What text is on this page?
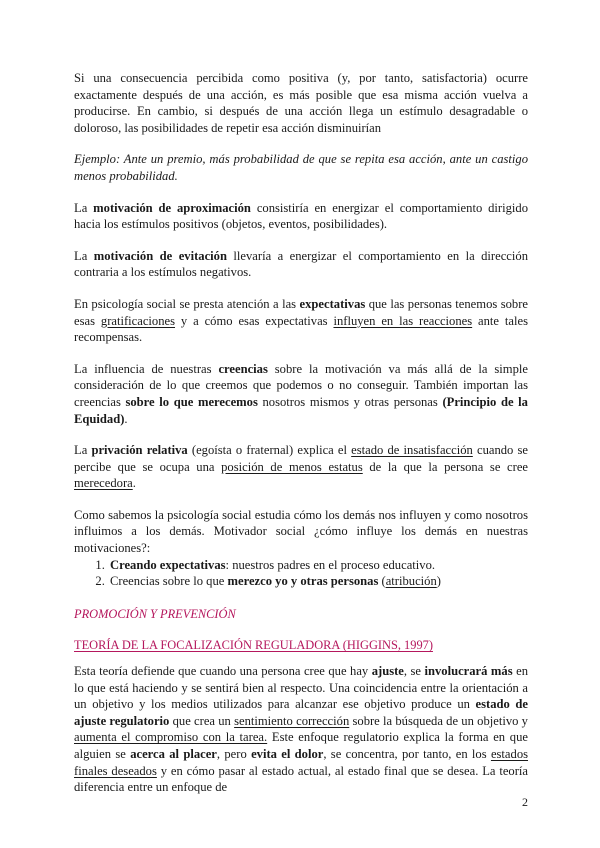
Si una consecuencia percibida como positiva (y, por tanto, satisfactoria) ocurre exactamente después de una acción, es más posible que esa misma acción vuelva a producirse. En cambio, si después de una acción llega un estímulo desagradable o doloroso, las posibilidades de repetir esa acción disminuirían

Ejemplo: Ante un premio, más probabilidad de que se repita esa acción, ante un castigo menos probabilidad.

La motivación de aproximación consistiría en energizar el comportamiento dirigido hacia los estímulos positivos (objetos, eventos, posibilidades).

La motivación de evitación llevaría a energizar el comportamiento en la dirección contraria a los estímulos negativos.

En psicología social se presta atención a las expectativas que las personas tenemos sobre esas gratificaciones y a cómo esas expectativas influyen en las reacciones ante tales recompensas.

La influencia de nuestras creencias sobre la motivación va más allá de la simple consideración de lo que creemos que podemos o no conseguir. También importan las creencias sobre lo que merecemos nosotros mismos y otras personas (Principio de la Equidad).

La privación relativa (egoísta o fraternal) explica el estado de insatisfacción cuando se percibe que se ocupa una posición de menos estatus de la que la persona se cree merecedora.

Como sabemos la psicología social estudia cómo los demás nos influyen y como nosotros influimos a los demás. Motivador social ¿cómo influye los demás en nuestras motivaciones?:

1. Creando expectativas: nuestros padres en el proceso educativo.
2. Creencias sobre lo que merezco yo y otras personas (atribución)

PROMOCIÓN Y PREVENCIÓN

TEORÍA DE LA FOCALIZACIÓN REGULADORA (HIGGINS, 1997)

Esta teoría defiende que cuando una persona cree que hay ajuste, se involucrará más en lo que está haciendo y se sentirá bien al respecto. Una coincidencia entre la orientación a un objetivo y los medios utilizados para alcanzar ese objetivo produce un estado de ajuste regulatorio que crea un sentimiento corrección sobre la búsqueda de un objetivo y aumenta el compromiso con la tarea. Este enfoque regulatorio explica la forma en que alguien se acerca al placer, pero evita el dolor, se concentra, por tanto, en los estados finales deseados y en cómo pasar al estado actual, al estado final que se desea. La teoría diferencia entre un enfoque de

2
